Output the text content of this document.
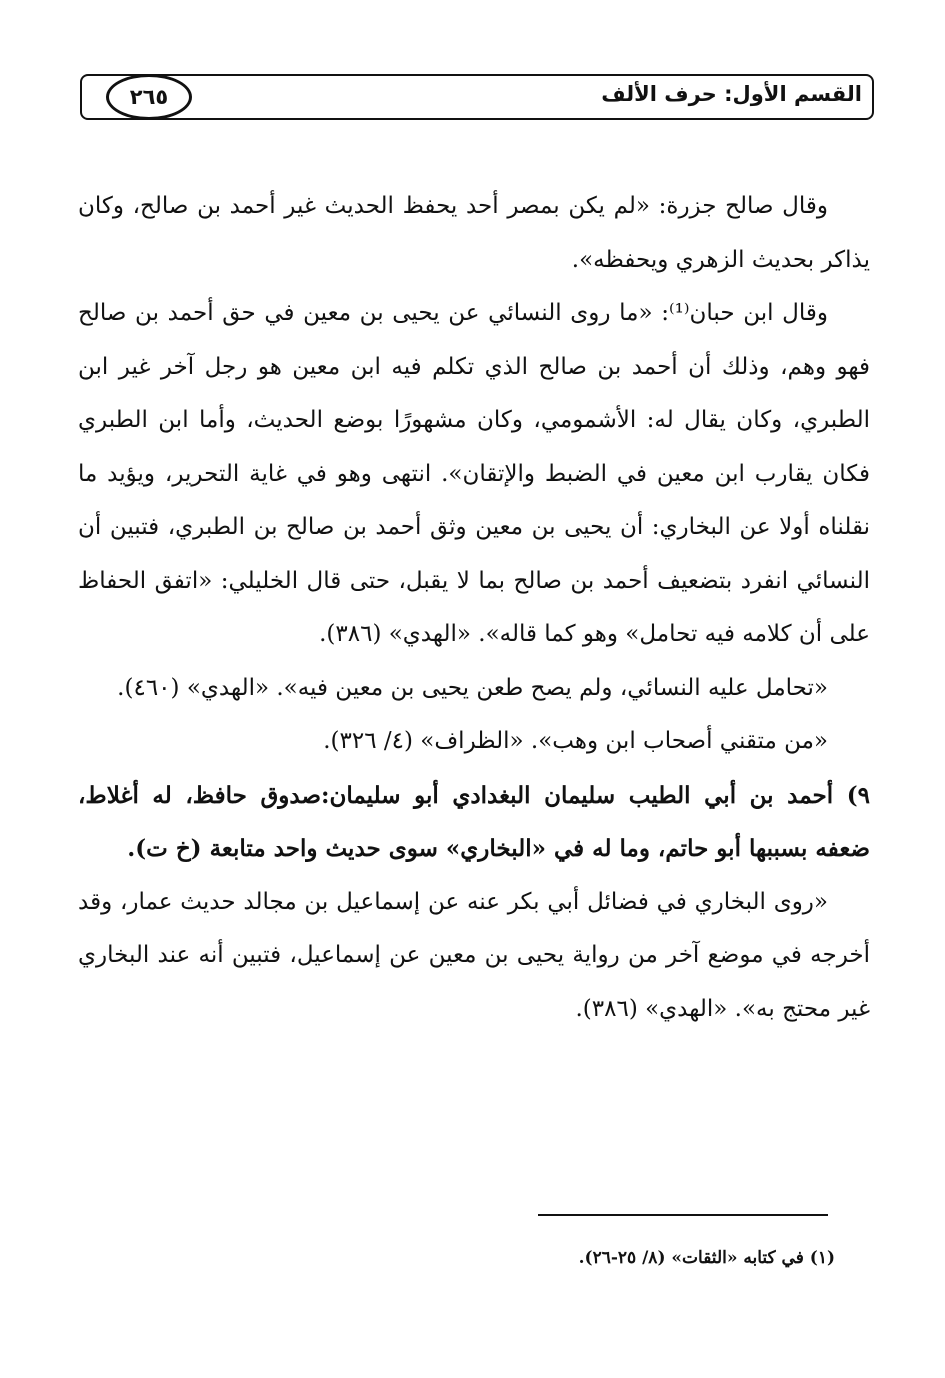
القسم الأول: حرف الألف
٢٦٥

وقال صالح جزرة: «لم يكن بمصر أحد يحفظ الحديث غير أحمد بن صالح، وكان يذاكر بحديث الزهري ويحفظه».

وقال ابن حبان⁽¹⁾: «ما روى النسائي عن يحيى بن معين في حق أحمد بن صالح فهو وهم، وذلك أن أحمد بن صالح الذي تكلم فيه ابن معين هو رجل آخر غير ابن الطبري، وكان يقال له: الأشمومي، وكان مشهورًا بوضع الحديث، وأما ابن الطبري فكان يقارب ابن معين في الضبط والإتقان». انتهى وهو في غاية التحرير، ويؤيد ما نقلناه أولا عن البخاري: أن يحيى بن معين وثق أحمد بن صالح بن الطبري، فتبين أن النسائي انفرد بتضعيف أحمد بن صالح بما لا يقبل، حتى قال الخليلي: «اتفق الحفاظ على أن كلامه فيه تحامل» وهو كما قاله». «الهدي» (٣٨٦).

«تحامل عليه النسائي، ولم يصح طعن يحيى بن معين فيه». «الهدي» (٤٦٠).

«من متقني أصحاب ابن وهب». «الظراف» (٤/ ٣٢٦).

٩) أحمد بن أبي الطيب سليمان البغدادي أبو سليمان:صدوق حافظ، له أغلاط، ضعفه بسببها أبو حاتم، وما له في «البخاري» سوى حديث واحد متابعة (خ ت).

«روى البخاري في فضائل أبي بكر عنه عن إسماعيل بن مجالد حديث عمار، وقد أخرجه في موضع آخر من رواية يحيى بن معين عن إسماعيل، فتبين أنه عند البخاري غير محتج به». «الهدي» (٣٨٦).

(١) في كتابه «الثقات» (٨/ ٢٥-٢٦).
